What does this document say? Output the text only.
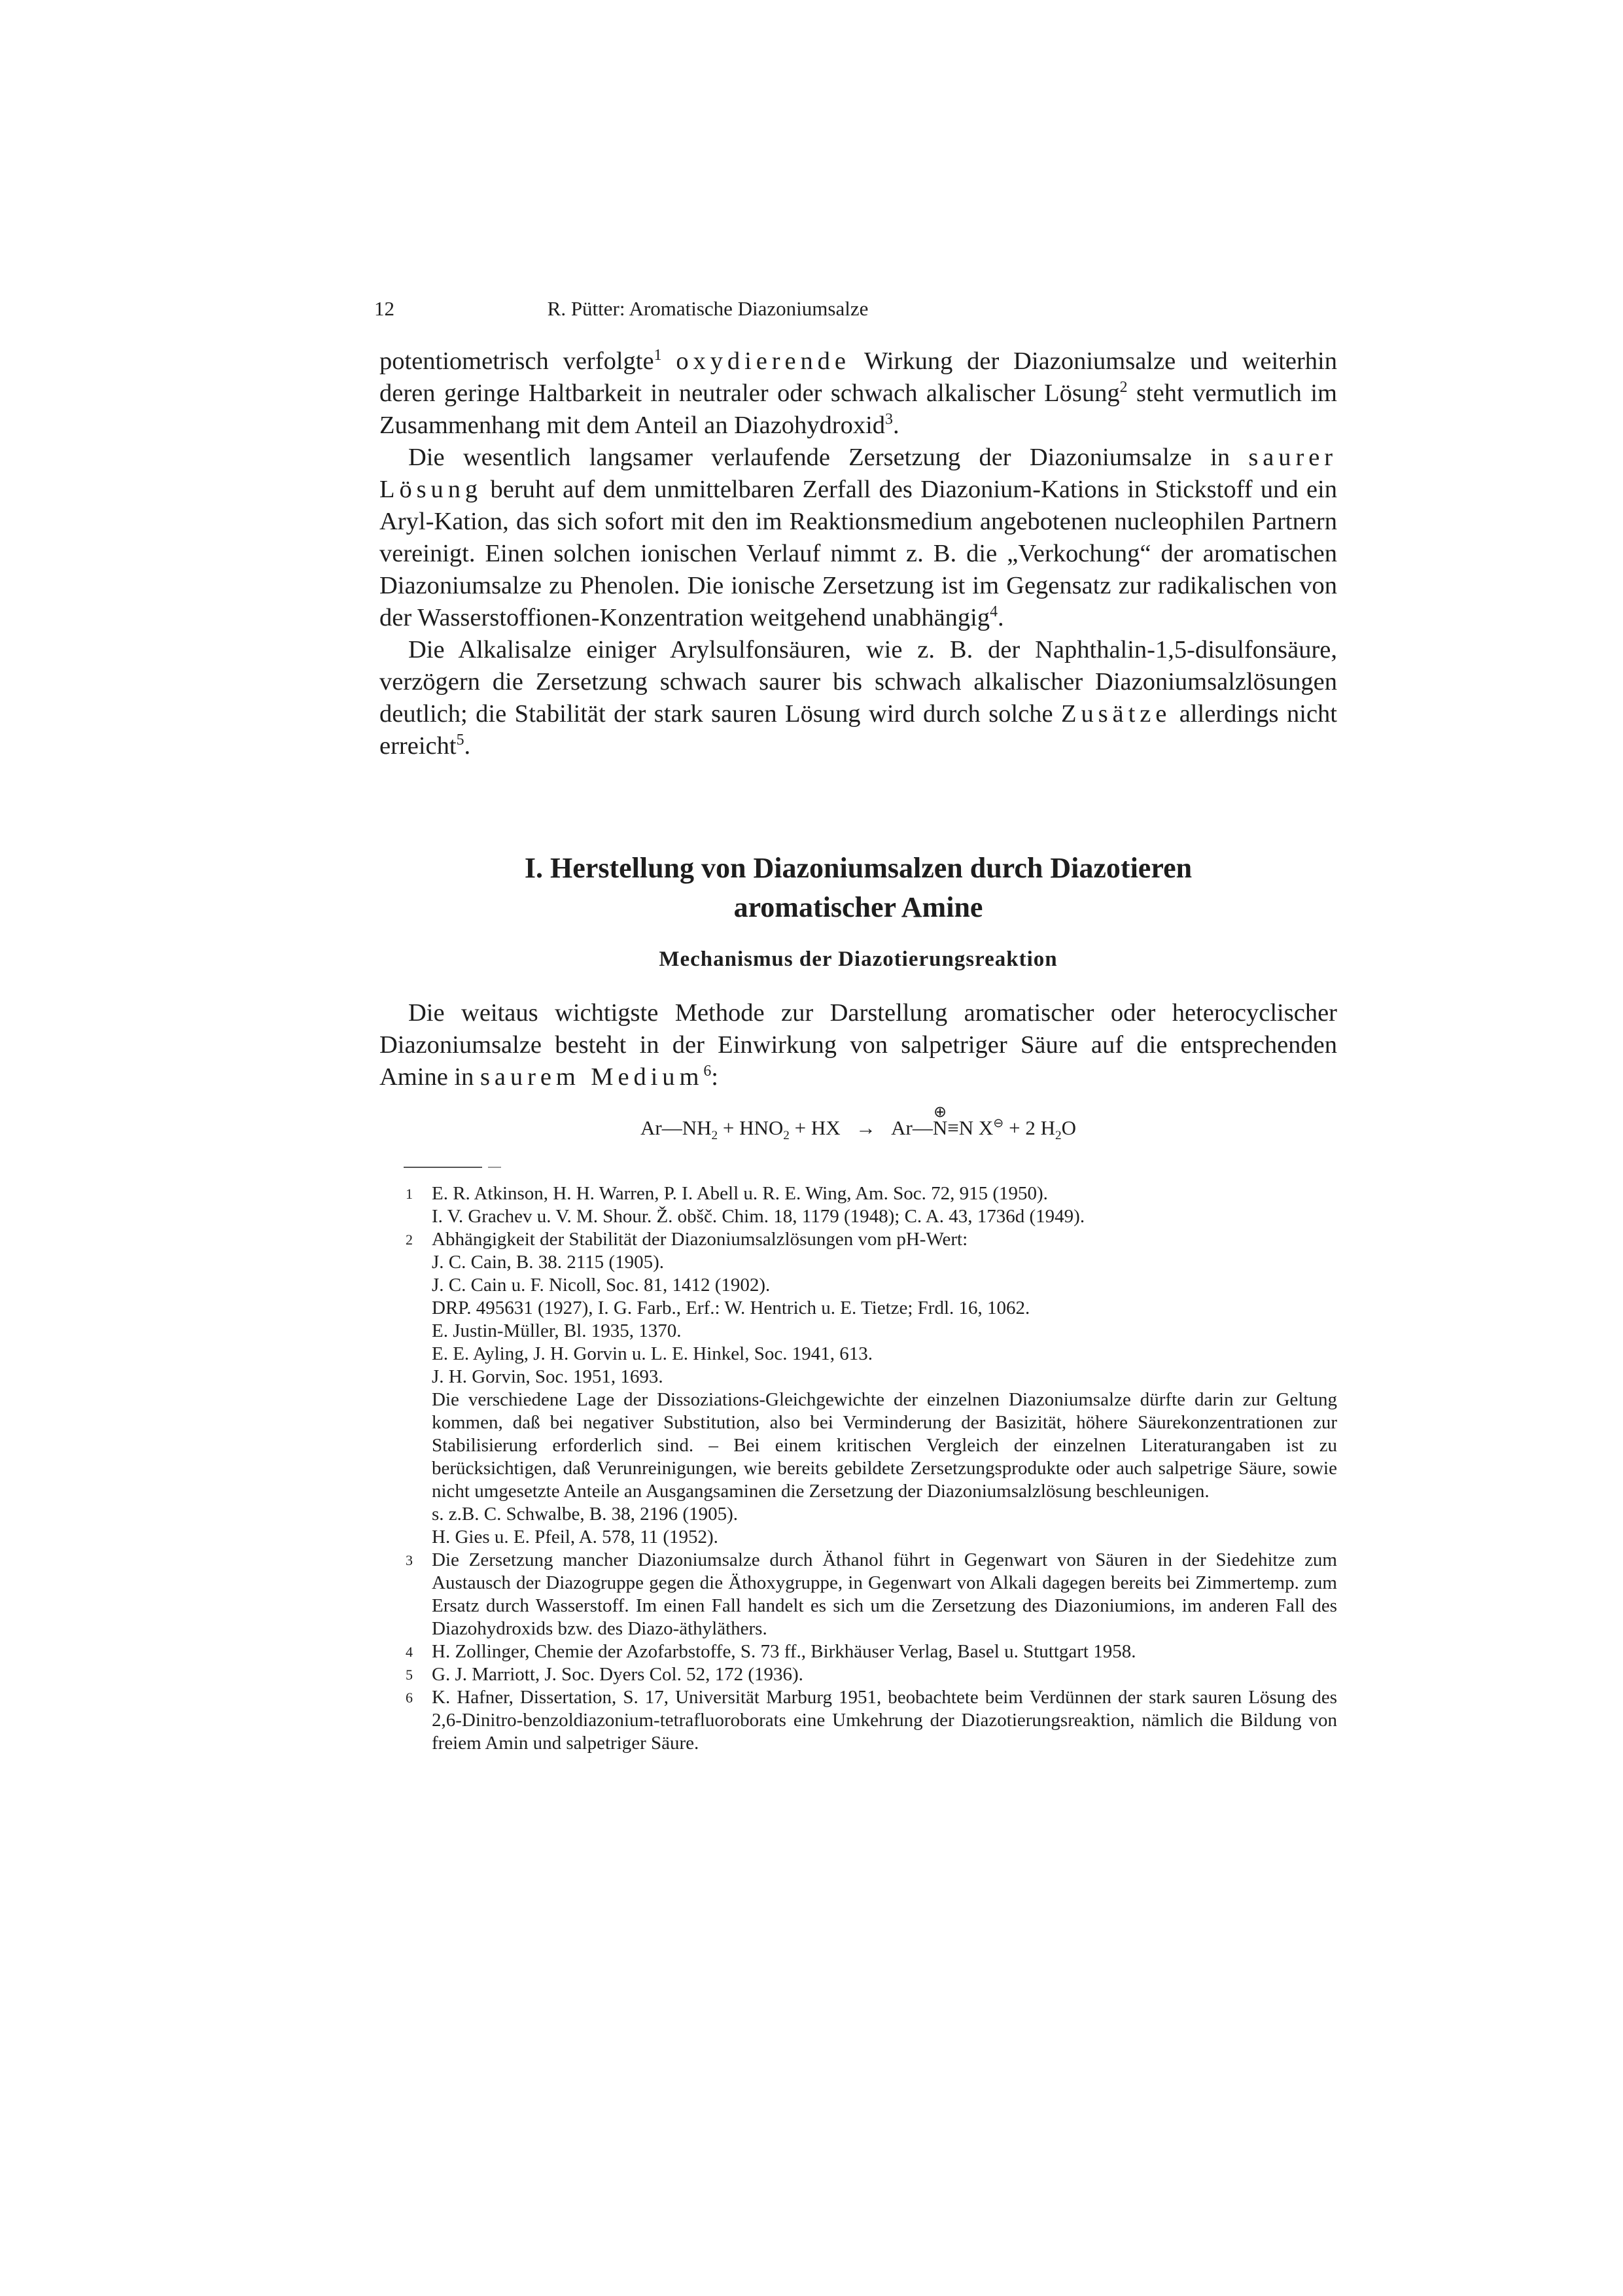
12	R. Pütter: Aromatische Diazoniumsalze

potentiometrisch verfolgte$^1$ oxydierende Wirkung der Diazoniumsalze und weiterhin deren geringe Haltbarkeit in neutraler oder schwach alkalischer Lösung$^2$ steht vermutlich im Zusammenhang mit dem Anteil an Diazohydroxid$^3$.

Die wesentlich langsamer verlaufende Zersetzung der Diazoniumsalze in saurer Lösung beruht auf dem unmittelbaren Zerfall des Diazonium-Kations in Stickstoff und ein Aryl-Kation, das sich sofort mit den im Reaktionsmedium angebotenen nucleophilen Partnern vereinigt. Einen solchen ionischen Verlauf nimmt z. B. die „Verkochung“ der aromatischen Diazoniumsalze zu Phenolen. Die ionische Zersetzung ist im Gegensatz zur radikalischen von der Wasserstoffionen-Konzentration weitgehend unabhängig$^4$.

Die Alkalisalze einiger Arylsulfonsäuren, wie z. B. der Naphthalin-1,5-disulfonsäure, verzögern die Zersetzung schwach saurer bis schwach alkalischer Diazoniumsalzlösungen deutlich; die Stabilität der stark sauren Lösung wird durch solche Zusätze allerdings nicht erreicht$^5$.

I. Herstellung von Diazoniumsalzen durch Diazotieren
aromatischer Amine
Mechanismus der Diazotierungsreaktion

Die weitaus wichtigste Methode zur Darstellung aromatischer oder heterocyclischer Diazoniumsalze besteht in der Einwirkung von salpetriger Säure auf die entsprechenden Amine in saurem Medium$^6$:

$Ar—NH_2 + HNO_2$ + HX → Ar—
⊕
N≡N X⊖ + 2 $H_2O$
1 E. R. Atkinson, H. H. Warren, P. I. Abell u. R. E. Wing, Am. Soc. 72, 915 (1950).
I. V. Grachev u. V. M. Shour. Ž. obšč. Chim. 18, 1179 (1948); C. A. 43, 1736d (1949).
2 Abhängigkeit der Stabilität der Diazoniumsalzlösungen vom pH-Wert:
J. C. Cain, B. 38. 2115 (1905).
J. C. Cain u. F. Nicoll, Soc. 81, 1412 (1902).
DRP. 495631 (1927), I. G. Farb., Erf.: W. Hentrich u. E. Tietze; Frdl. 16, 1062.
E. Justin-Müller, Bl. 1935, 1370.
E. E. Ayling, J. H. Gorvin u. L. E. Hinkel, Soc. 1941, 613.
J. H. Gorvin, Soc. 1951, 1693.
Die verschiedene Lage der Dissoziations-Gleichgewichte der einzelnen Diazoniumsalze dürfte darin zur Geltung kommen, daß bei negativer Substitution, also bei Verminderung der Basizität, höhere Säurekonzentrationen zur Stabilisierung erforderlich sind. – Bei einem kritischen Vergleich der einzelnen Literaturangaben ist zu berücksichtigen, daß Verunreinigungen, wie bereits gebildete Zersetzungsprodukte oder auch salpetrige Säure, sowie nicht umgesetzte Anteile an Ausgangsaminen die Zersetzung der Diazoniumsalzlösung beschleunigen.
s. z.B. C. Schwalbe, B. 38, 2196 (1905).
H. Gies u. E. Pfeil, A. 578, 11 (1952).
3 Die Zersetzung mancher Diazoniumsalze durch Äthanol führt in Gegenwart von Säuren in der Siedehitze zum Austausch der Diazogruppe gegen die Äthoxygruppe, in Gegenwart von Alkali dagegen bereits bei Zimmertemp. zum Ersatz durch Wasserstoff. Im einen Fall handelt es sich um die Zersetzung des Diazoniumions, im anderen Fall des Diazohydroxids bzw. des Diazo-äthyläthers.
4 H. Zollinger, Chemie der Azofarbstoffe, S. 73 ff., Birkhäuser Verlag, Basel u. Stuttgart 1958.
5 G. J. Marriott, J. Soc. Dyers Col. 52, 172 (1936).
6 K. Hafner, Dissertation, S. 17, Universität Marburg 1951, beobachtete beim Verdünnen der stark sauren Lösung des 2,6-Dinitro-benzoldiazonium-tetrafluoroborats eine Umkehrung der Diazotierungsreaktion, nämlich die Bildung von freiem Amin und salpetriger Säure.
